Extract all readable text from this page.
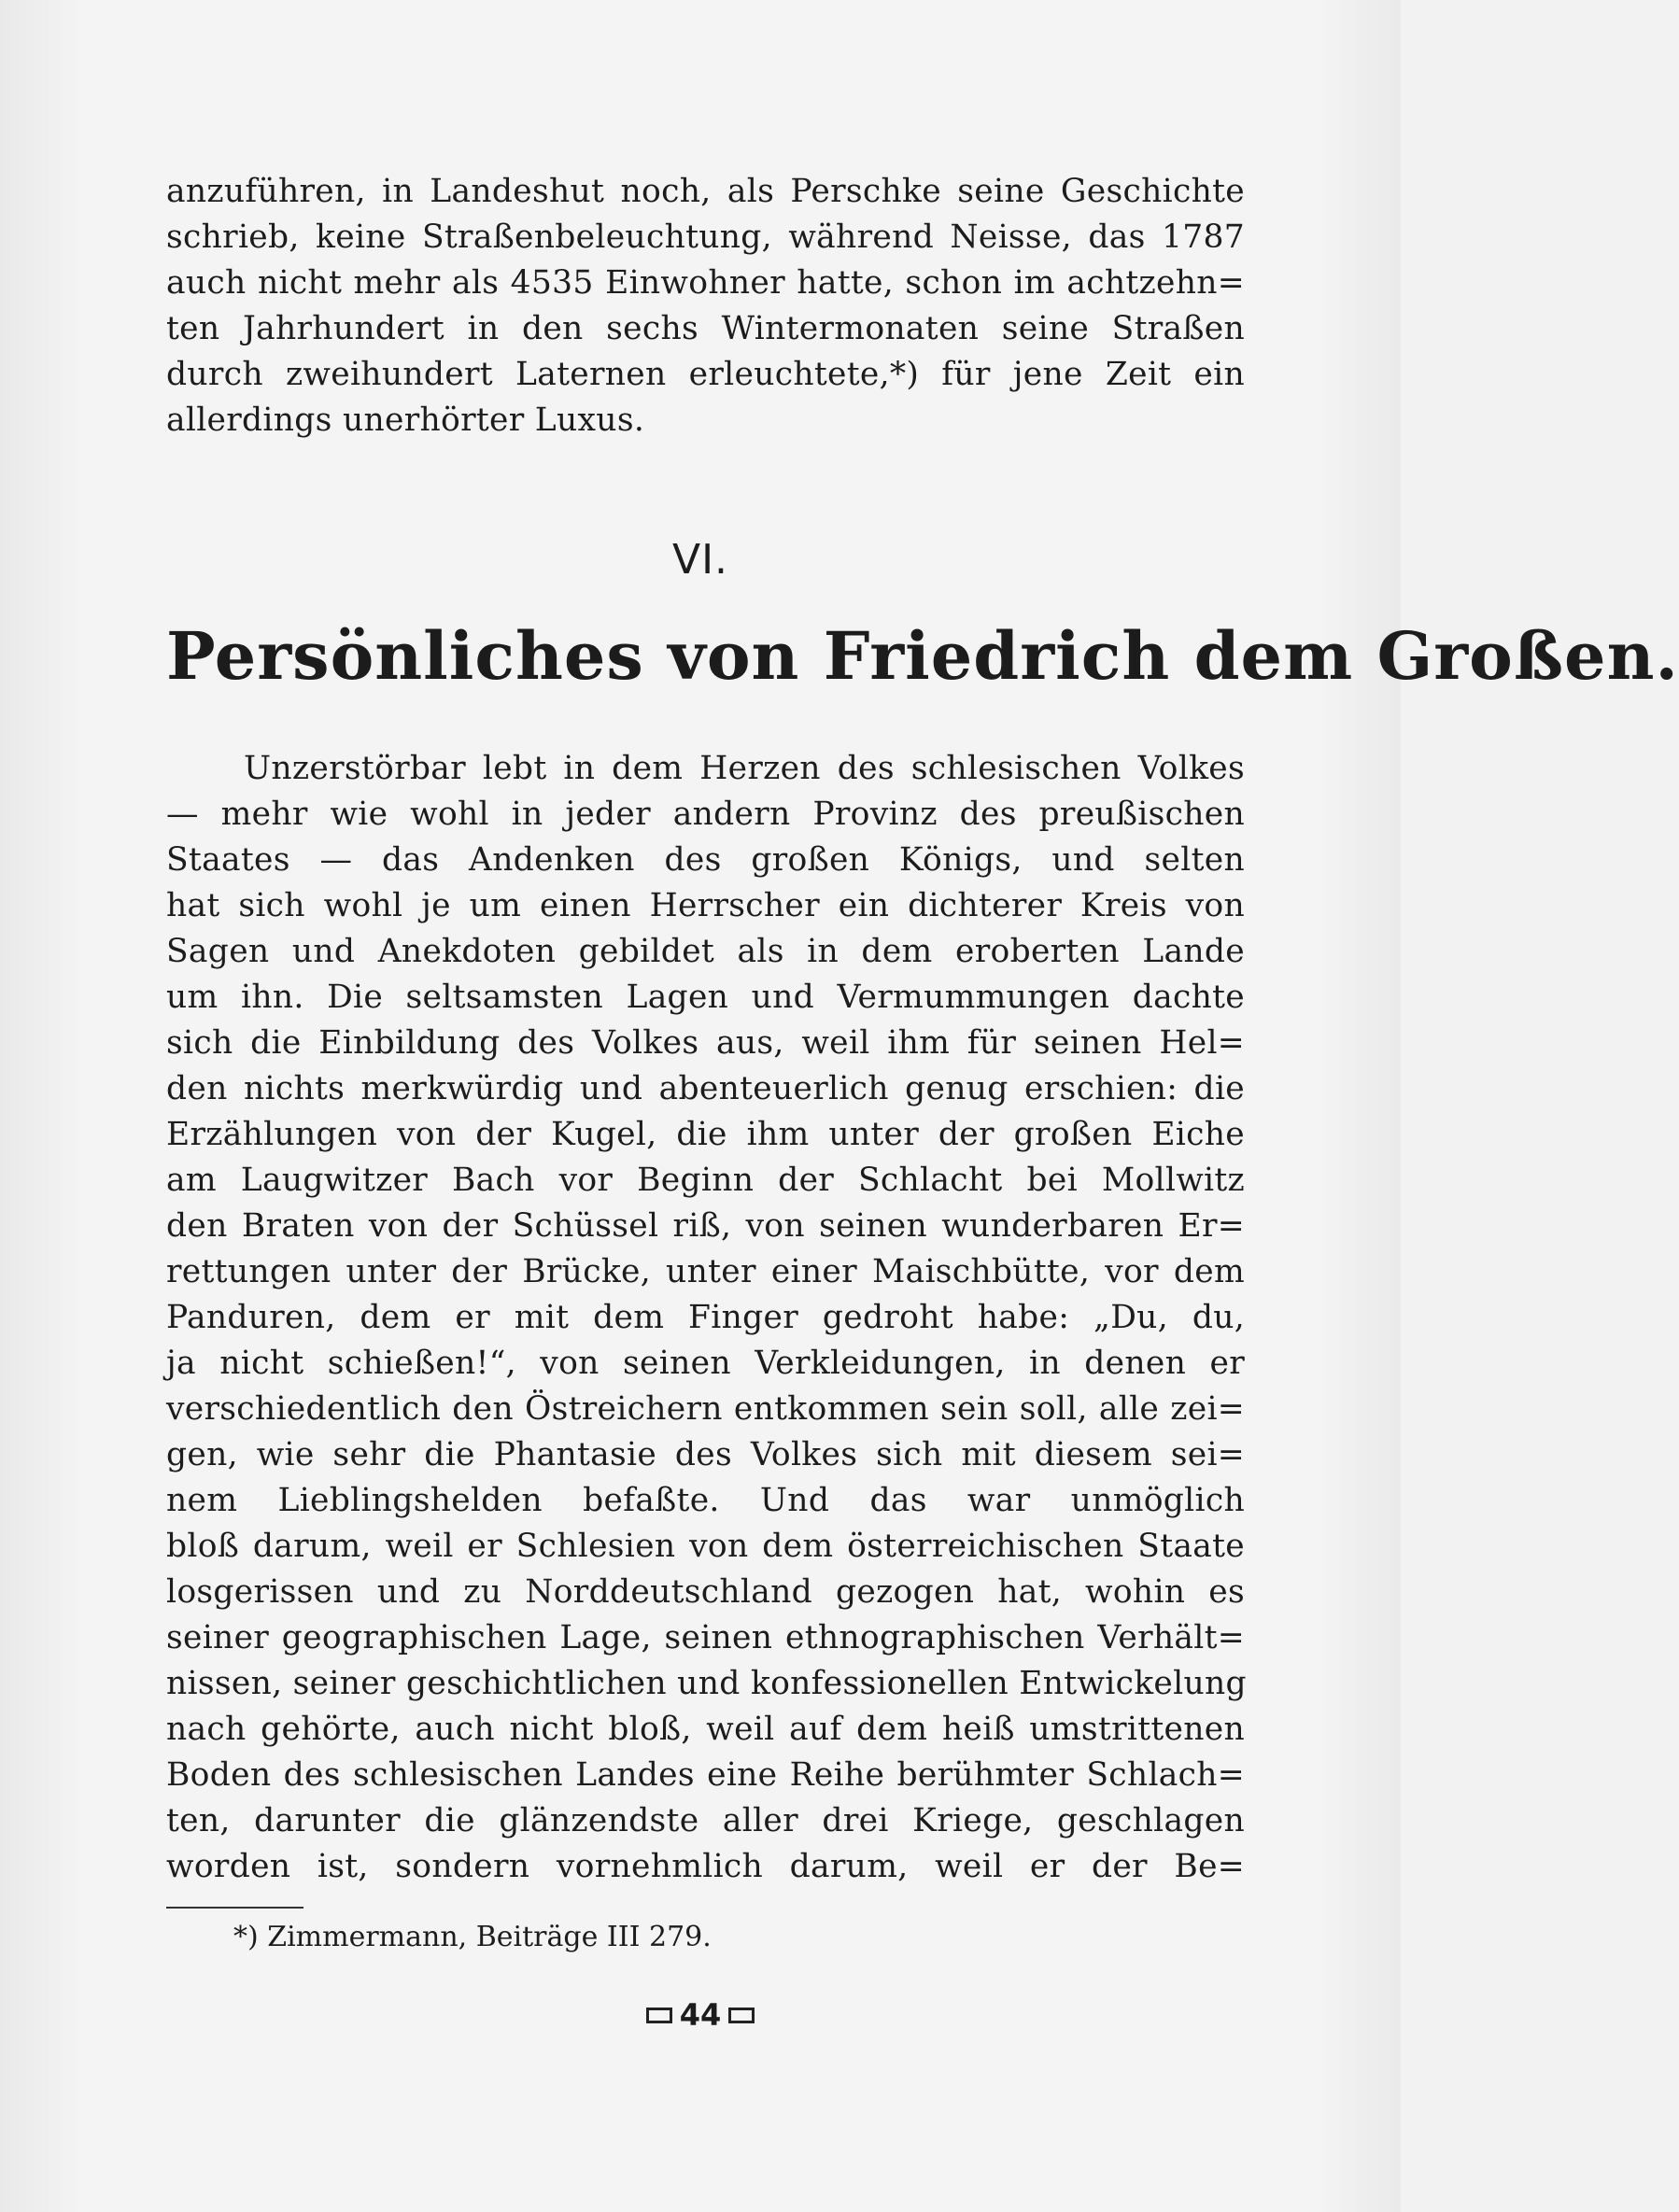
anzuführen, in Landeshut noch, als Perschke seine Geschichte
schrieb, keine Straßenbeleuchtung, während Neisse, das 1787
auch nicht mehr als 4535 Einwohner hatte, schon im achtzehn=
ten Jahrhundert in den sechs Wintermonaten seine Straßen
durch zweihundert Laternen erleuchtete,*) für jene Zeit ein
allerdings unerhörter Luxus.
VI.
Persönliches von Friedrich dem Großen.
Unzerstörbar lebt in dem Herzen des schlesischen Volkes
— mehr wie wohl in jeder andern Provinz des preußischen
Staates — das Andenken des großen Königs, und selten
hat sich wohl je um einen Herrscher ein dichterer Kreis von
Sagen und Anekdoten gebildet als in dem eroberten Lande
um ihn. Die seltsamsten Lagen und Vermummungen dachte
sich die Einbildung des Volkes aus, weil ihm für seinen Hel=
den nichts merkwürdig und abenteuerlich genug erschien: die
Erzählungen von der Kugel, die ihm unter der großen Eiche
am Laugwitzer Bach vor Beginn der Schlacht bei Mollwitz
den Braten von der Schüssel riß, von seinen wunderbaren Er=
rettungen unter der Brücke, unter einer Maischbütte, vor dem
Panduren, dem er mit dem Finger gedroht habe: „Du, du,
ja nicht schießen!“, von seinen Verkleidungen, in denen er
verschiedentlich den Östreichern entkommen sein soll, alle zei=
gen, wie sehr die Phantasie des Volkes sich mit diesem sei=
nem Lieblingshelden befaßte. Und das war unmöglich
bloß darum, weil er Schlesien von dem österreichischen Staate
losgerissen und zu Norddeutschland gezogen hat, wohin es
seiner geographischen Lage, seinen ethnographischen Verhält=
nissen, seiner geschichtlichen und konfessionellen Entwickelung
nach gehörte, auch nicht bloß, weil auf dem heiß umstrittenen
Boden des schlesischen Landes eine Reihe berühmter Schlach=
ten, darunter die glänzendste aller drei Kriege, geschlagen
worden ist, sondern vornehmlich darum, weil er der Be=
*) Zimmermann, Beiträge III 279.
44
